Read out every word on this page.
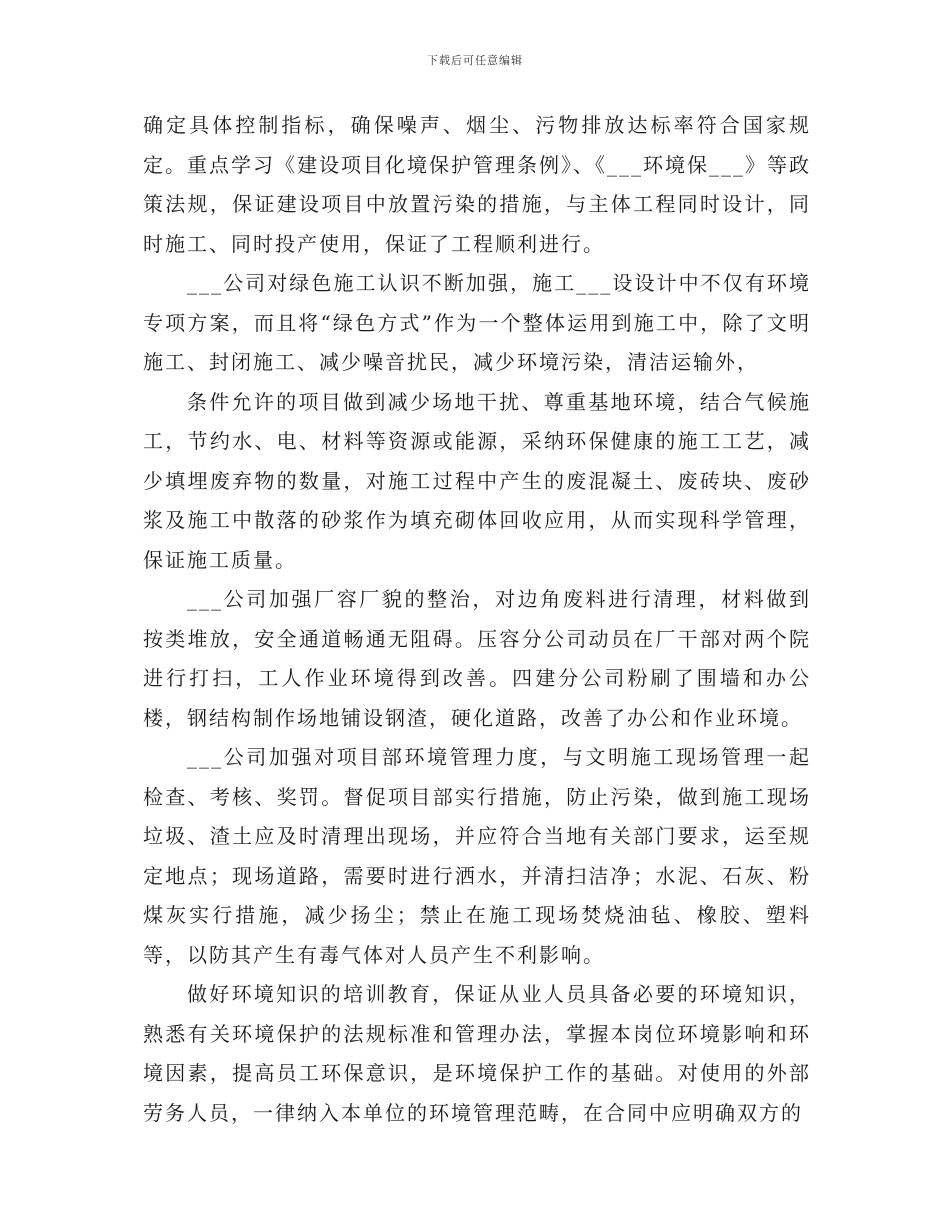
下载后可任意编辑

确定具体控制指标，确保噪声、烟尘、污物排放达标率符合国家规定。重点学习《建设项目化境保护管理条例》、《___环境保___》等政策法规，保证建设项目中放置污染的措施，与主体工程同时设计，同时施工、同时投产使用，保证了工程顺利进行。

___公司对绿色施工认识不断加强，施工___设设计中不仅有环境专项方案，而且将“绿色方式”作为一个整体运用到施工中，除了文明施工、封闭施工、减少噪音扰民，减少环境污染，清洁运输外，

条件允许的项目做到减少场地干扰、尊重基地环境，结合气候施工，节约水、电、材料等资源或能源，采纳环保健康的施工工艺，减少填埋废弃物的数量，对施工过程中产生的废混凝土、废砖块、废砂浆及施工中散落的砂浆作为填充砌体回收应用，从而实现科学管理，保证施工质量。

___公司加强厂容厂貌的整治，对边角废料进行清理，材料做到按类堆放，安全通道畅通无阻碍。压容分公司动员在厂干部对两个院进行打扫，工人作业环境得到改善。四建分公司粉刷了围墙和办公楼，钢结构制作场地铺设钢渣，硬化道路，改善了办公和作业环境。

___公司加强对项目部环境管理力度，与文明施工现场管理一起检查、考核、奖罚。督促项目部实行措施，防止污染，做到施工现场垃圾、渣土应及时清理出现场，并应符合当地有关部门要求，运至规定地点；现场道路，需要时进行洒水，并清扫洁净；水泥、石灰、粉煤灰实行措施，减少扬尘；禁止在施工现场焚烧油毡、橡胶、塑料等，以防其产生有毒气体对人员产生不利影响。

做好环境知识的培训教育，保证从业人员具备必要的环境知识，熟悉有关环境保护的法规标准和管理办法，掌握本岗位环境影响和环境因素，提高员工环保意识，是环境保护工作的基础。对使用的外部劳务人员，一律纳入本单位的环境管理范畴，在合同中应明确双方的
